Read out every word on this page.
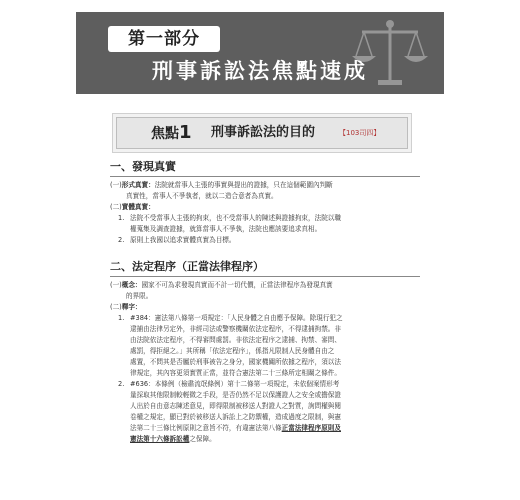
第一部分
刑事訴訟法焦點速成
焦點1 刑事訴訟法的目的	【103司四】
一、發現真實
(一)形式真實：法院就當事人主張的事實與提出的證據，只在這個範圍內判斷
真實性，當事人不爭執者，就以二造合意者為真實。
(二)實體真實：
1. 法院不受當事人主張的拘束，也不受當事人的陳述與證據拘束，法院以職
權蒐集及調查證據，就算當事人不爭執，法院也應該要追求真相。
2. 原則上我國以追求實體真實為目標。
二、法定程序（正當法律程序）
(一)概念：國家不可為求發現真實而不計一切代價，正當法律程序為發現真實
的界限。
(二)釋字：
1. #384：憲法第八條第一項規定：「人民身體之自由應予保障。除現行犯之
逮捕由法律另定外，非經司法或警察機關依法定程序，不得逮捕拘禁。非
由法院依法定程序，不得審問處罰。非依法定程序之逮捕、拘禁、審問、
處罰，得拒絕之。」其所稱「依法定程序」，係指凡限制人民身體自由之
處置，不問其是否屬於刑事被告之身分，國家機關所依據之程序，須以法
律規定，其內容更須實質正當，並符合憲法第二十三條所定相關之條件。
2. #636：本條例（檢肅流氓條例）第十二條第一項規定，未依個案情形考
量採取其他限制較輕微之手段，是否仍然不足以保護證人之安全或擔保證
人出於自由意志陳述意見，即得限制被移送人對證人之對質，詢問權與閱
卷權之規定，顯已對於被移送人訴訟上之防禦權，造成過度之限制，與憲
法第二十三條比例原則之意旨不符，有違憲法第八條正當法律程序原則及
憲法第十六條訴訟權之保障。
